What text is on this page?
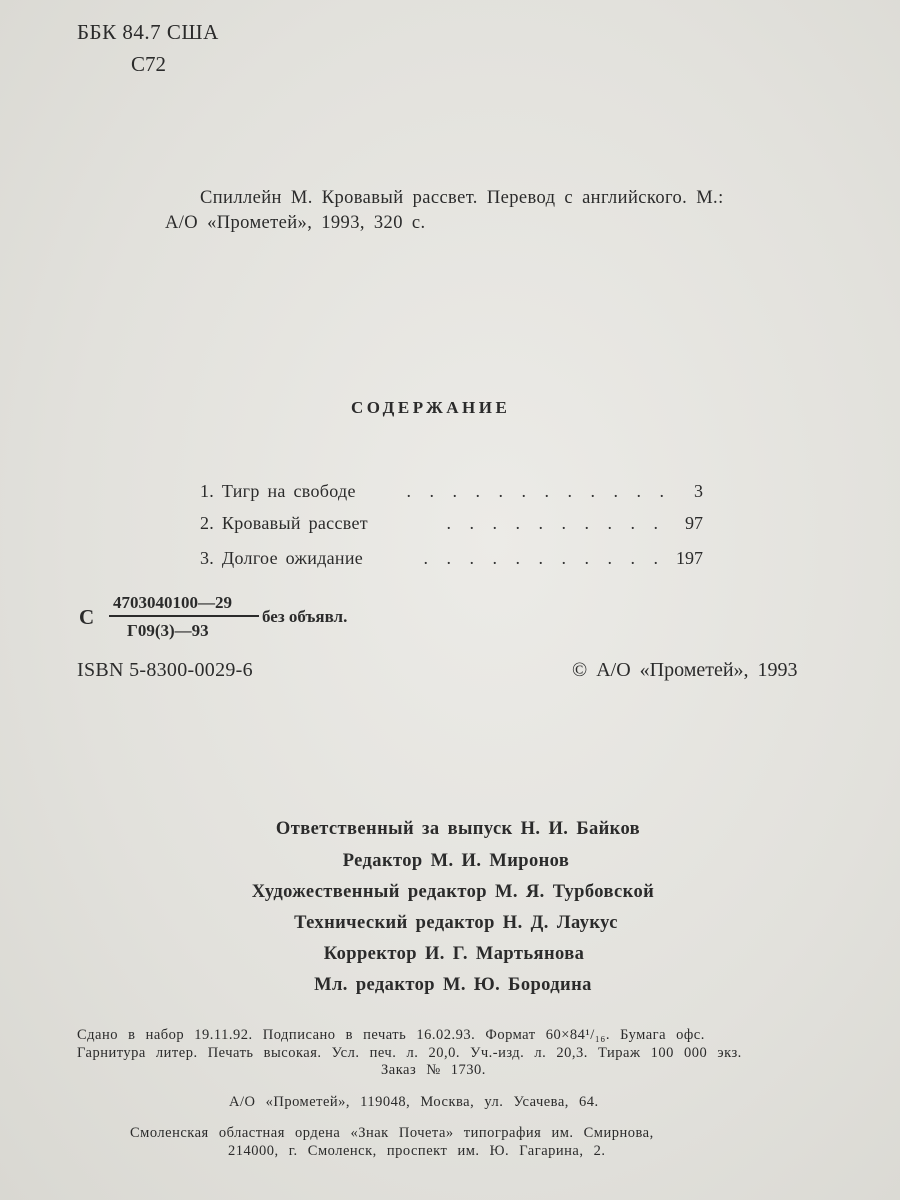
ББК 84.7 США
С72
Спиллейн М. Кровавый рассвет. Перевод с английского. М.:
А/О «Прометей», 1993, 320 с.
СОДЕРЖАНИЕ
1. Тигр на свободе	. . . . . . . . . . . . 3
2. Кровавый рассвет	. . . . . . . . . . 97
3. Долгое ожидание	. . . . . . . . . . . 197
С
4703040100—29
Г09(3)—93
без объявл.
ISBN 5-8300-0029-6	© А/О «Прометей», 1993
Ответственный за выпуск Н. И. Байков
Редактор М. И. Миронов
Художественный редактор М. Я. Турбовской
Технический редактор Н. Д. Лаукус
Корректор И. Г. Мартьянова
Мл. редактор М. Ю. Бородина
Сдано в набор 19.11.92. Подписано в печать 16.02.93. Формат 60×84¹/₁₆. Бумага офс.
Гарнитура литер. Печать высокая. Усл. печ. л. 20,0. Уч.-изд. л. 20,3. Тираж 100 000 экз.
Заказ № 1730.
А/О «Прометей», 119048, Москва, ул. Усачева, 64.
Смоленская областная ордена «Знак Почета» типография им. Смирнова,
214000, г. Смоленск, проспект им. Ю. Гагарина, 2.
